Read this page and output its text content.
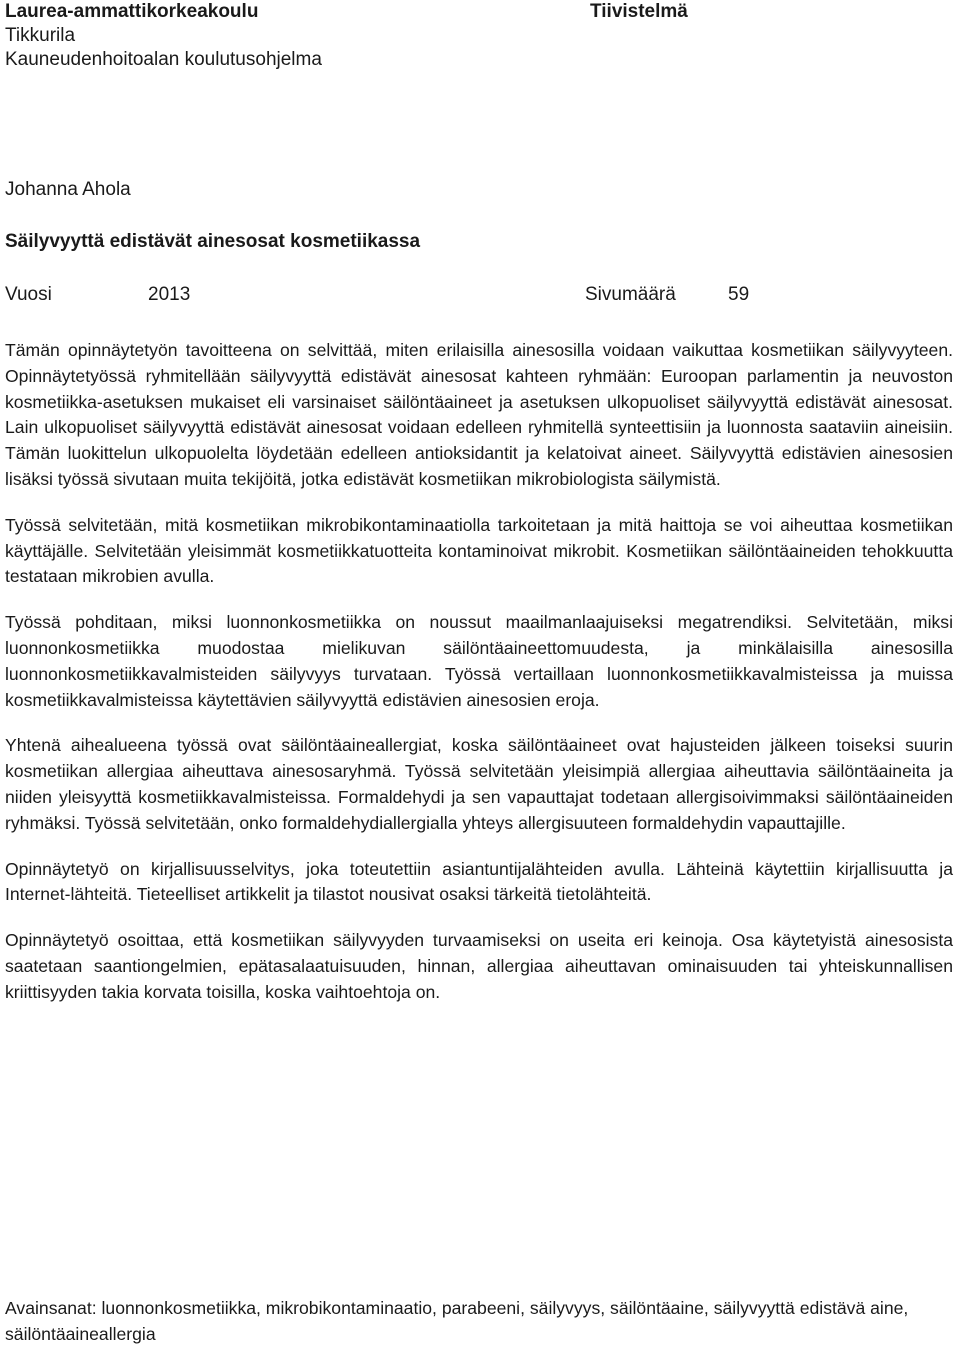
Laurea-ammattikorkeakoulu
Tikkurila
Kauneudenhoitoalan koulutusohjelma
Tiivistelmä
Johanna Ahola
Säilyvyyttä edistävät ainesosat kosmetiikassa
Vuosi	2013	Sivumäärä	59

Tämän opinnäytetyön tavoitteena on selvittää, miten erilaisilla ainesosilla voidaan vaikuttaa kosmetiikan säilyvyyteen. Opinnäytetyössä ryhmitellään säilyvyyttä edistävät ainesosat kahteen ryhmään: Euroopan parlamentin ja neuvoston kosmetiikka-asetuksen mukaiset eli varsinaiset säilöntäaineet ja asetuksen ulkopuoliset säilyvyyttä edistävät ainesosat. Lain ulkopuoliset säilyvyyttä edistävät ainesosat voidaan edelleen ryhmitellä synteettisiin ja luonnosta saataviin aineisiin. Tämän luokittelun ulkopuolelta löydetään edelleen antioksidantit ja kelatoivat aineet. Säilyvyyttä edistävien ainesosien lisäksi työssä sivutaan muita tekijöitä, jotka edistävät kosmetiikan mikrobiologista säilymistä.

Työssä selvitetään, mitä kosmetiikan mikrobikontaminaatiolla tarkoitetaan ja mitä haittoja se voi aiheuttaa kosmetiikan käyttäjälle. Selvitetään yleisimmät kosmetiikkatuotteita kontaminoivat mikrobit. Kosmetiikan säilöntäaineiden tehokkuutta testataan mikrobien avulla.

Työssä pohditaan, miksi luonnonkosmetiikka on noussut maailmanlaajuiseksi megatrendiksi. Selvitetään, miksi luonnonkosmetiikka muodostaa mielikuvan säilöntäaineettomuudesta, ja minkälaisilla ainesosilla luonnonkosmetiikkavalmisteiden säilyvyys turvataan. Työssä vertaillaan luonnonkosmetiikkavalmisteissa ja muissa kosmetiikkavalmisteissa käytettävien säilyvyyttä edistävien ainesosien eroja.

Yhtenä aihealueena työssä ovat säilöntäaineallergiat, koska säilöntäaineet ovat hajusteiden jälkeen toiseksi suurin kosmetiikan allergiaa aiheuttava ainesosaryhmä. Työssä selvitetään yleisimpiä allergiaa aiheuttavia säilöntäaineita ja niiden yleisyyttä kosmetiikkavalmisteissa. Formaldehydi ja sen vapauttajat todetaan allergisoivimmaksi säilöntäaineiden ryhmäksi. Työssä selvitetään, onko formaldehydiallergialla yhteys allergisuuteen formaldehydin vapauttajille.

Opinnäytetyö on kirjallisuusselvitys, joka toteutettiin asiantuntijalähteiden avulla. Lähteinä käytettiin kirjallisuutta ja Internet-lähteitä. Tieteelliset artikkelit ja tilastot nousivat osaksi tärkeitä tietolähteitä.

Opinnäytetyö osoittaa, että kosmetiikan säilyvyyden turvaamiseksi on useita eri keinoja. Osa käytetyistä ainesosista saatetaan saantiongelmien, epätasalaatuisuuden, hinnan, allergiaa aiheuttavan ominaisuuden tai yhteiskunnallisen kriittisyyden takia korvata toisilla, koska vaihtoehtoja on.

Avainsanat: luonnonkosmetiikka, mikrobikontaminaatio, parabeeni, säilyvyys, säilöntäaine, säilyvyyttä edistävä aine, säilöntäaineallergia
